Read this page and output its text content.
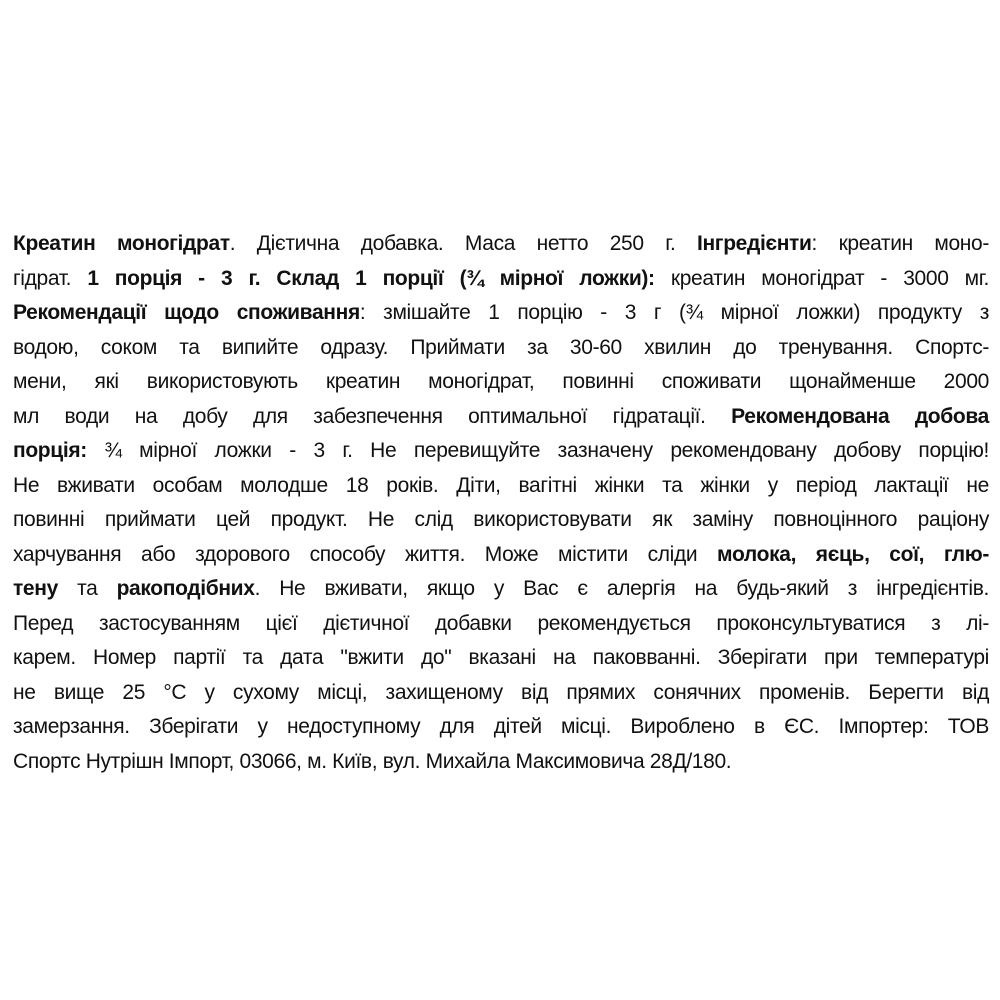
Креатин моногідрат. Дієтична добавка. Маса нетто 250 г. Інгредієнти: креатин моно-
гідрат. 1 порція - 3 г. Склад 1 порції (¾ мірної ложки): креатин моногідрат - 3000 мг.
Рекомендації щодо споживання: змішайте 1 порцію - 3 г (¾ мірної ложки) продукту з
водою, соком та випийте одразу. Приймати за 30-60 хвилин до тренування. Спортс-
мени, які використовують креатин моногідрат, повинні споживати щонайменше 2000
мл води на добу для забезпечення оптимальної гідратації. Рекомендована добова
порція: ¾ мірної ложки - 3 г. Не перевищуйте зазначену рекомендовану добову порцію!
Не вживати особам молодше 18 років. Діти, вагітні жінки та жінки у період лактації не
повинні приймати цей продукт. Не слід використовувати як заміну повноцінного раціону
харчування або здорового способу життя. Може містити сліди молока, яєць, сої, глю-
тену та ракоподібних. Не вживати, якщо у Вас є алергія на будь-який з інгредієнтів.
Перед застосуванням цієї дієтичної добавки рекомендується проконсультуватися з лі-
карем. Номер партії та дата "вжити до" вказані на паковванні. Зберігати при температурі
не вище 25 °С у сухому місці, захищеному від прямих сонячних променів. Берегти від
замерзання. Зберігати у недоступному для дітей місці. Вироблено в ЄС. Імпортер: ТОВ
Спортс Нутрішн Імпорт, 03066, м. Київ, вул. Михайла Максимовича 28Д/180.
